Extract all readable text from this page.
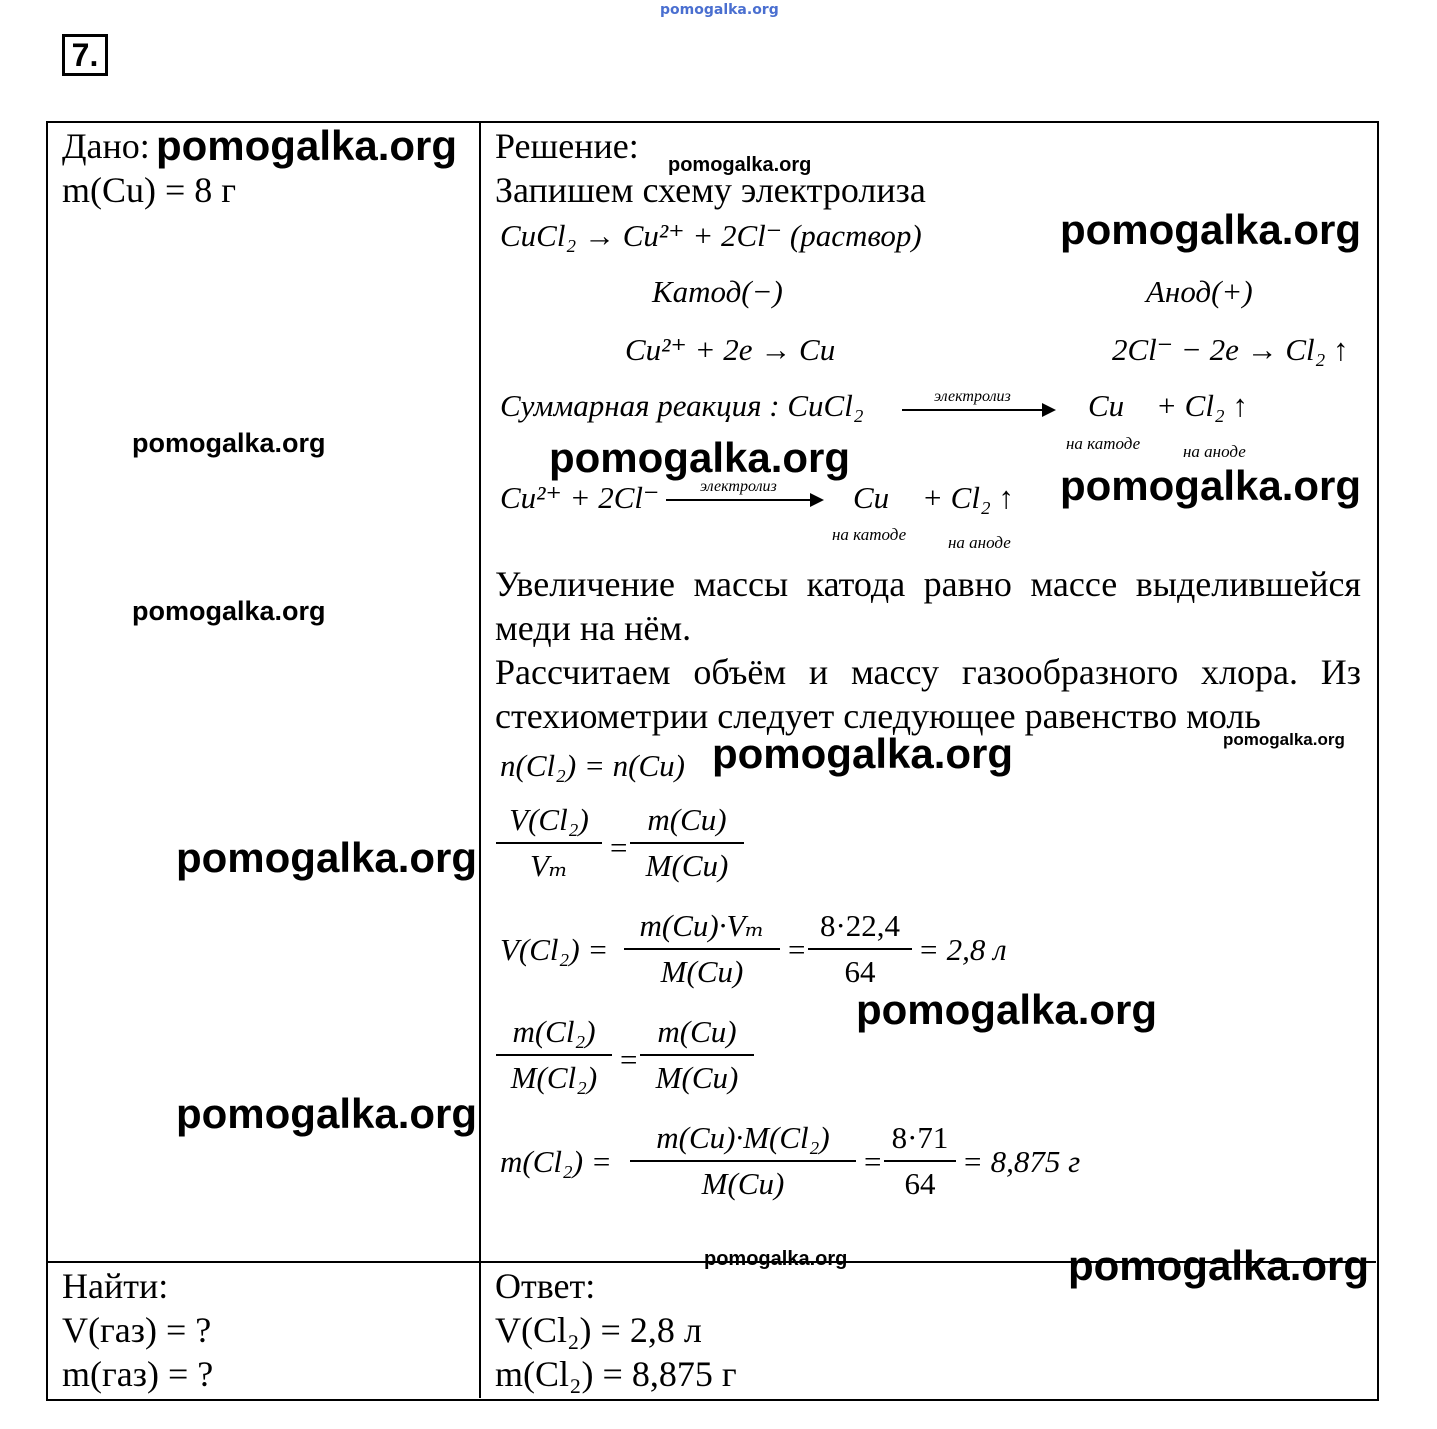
pomogalka.org
7.
Дано:
m(Cu) = 8 г
Найти:
V(газ) = ?
m(газ) = ?
Решение:
Запишем схему электролиза
CuCl₂ → Cu²⁺ + 2Cl⁻ (раствор)
Катод(−)	Анод(+)
Cu²⁺ + 2e → Cu	2Cl⁻ − 2e → Cl₂ ↑
Суммарная реакция : CuCl₂	электролиз Cu + Cl₂ ↑
на катоде	на аноде
Cu²⁺ + 2Cl⁻	электролиз Cu + Cl₂ ↑
на катоде на аноде
Увеличение массы катода равно массе выделившейся меди на нём.
Рассчитаем объём и массу газообразного хлора. Из стехиометрии следует следующее равенство моль
n(Cl₂) = n(Cu)
$\frac{\text{V(Cl₂)}}{\text{Vₘ}} = \frac{m(Cu)}{M(Cu)}$
$V(Cl_2) = \frac{\text{m(Cu)·Vₘ}}{M(Cu)} = \frac{8\cdot 22,4}{64} = 2,8$ л
$\frac{\text{m(Cl₂)}}{\text{M(Cl₂)}} = \frac{m(Cu)}{M(Cu)}$
$m(Cl_2) = \frac{\text{m(Cu)·M(Cl₂)}}{M(Cu)} = \frac{8\cdot 71}{64} = 8,875$ г
Ответ:
V(Cl₂) = 2,8 л
m(Cl₂) = 8,875 г
pomogalka.org	pomogalka.org
pomogalka.org
pomogalka.org	pomogalka.org
pomogalka.org
pomogalka.org
pomogalka.org
pomogalka.org
pomogalka.org
pomogalka.org
pomogalka.org
pomogalka.org	pomogalka.org
